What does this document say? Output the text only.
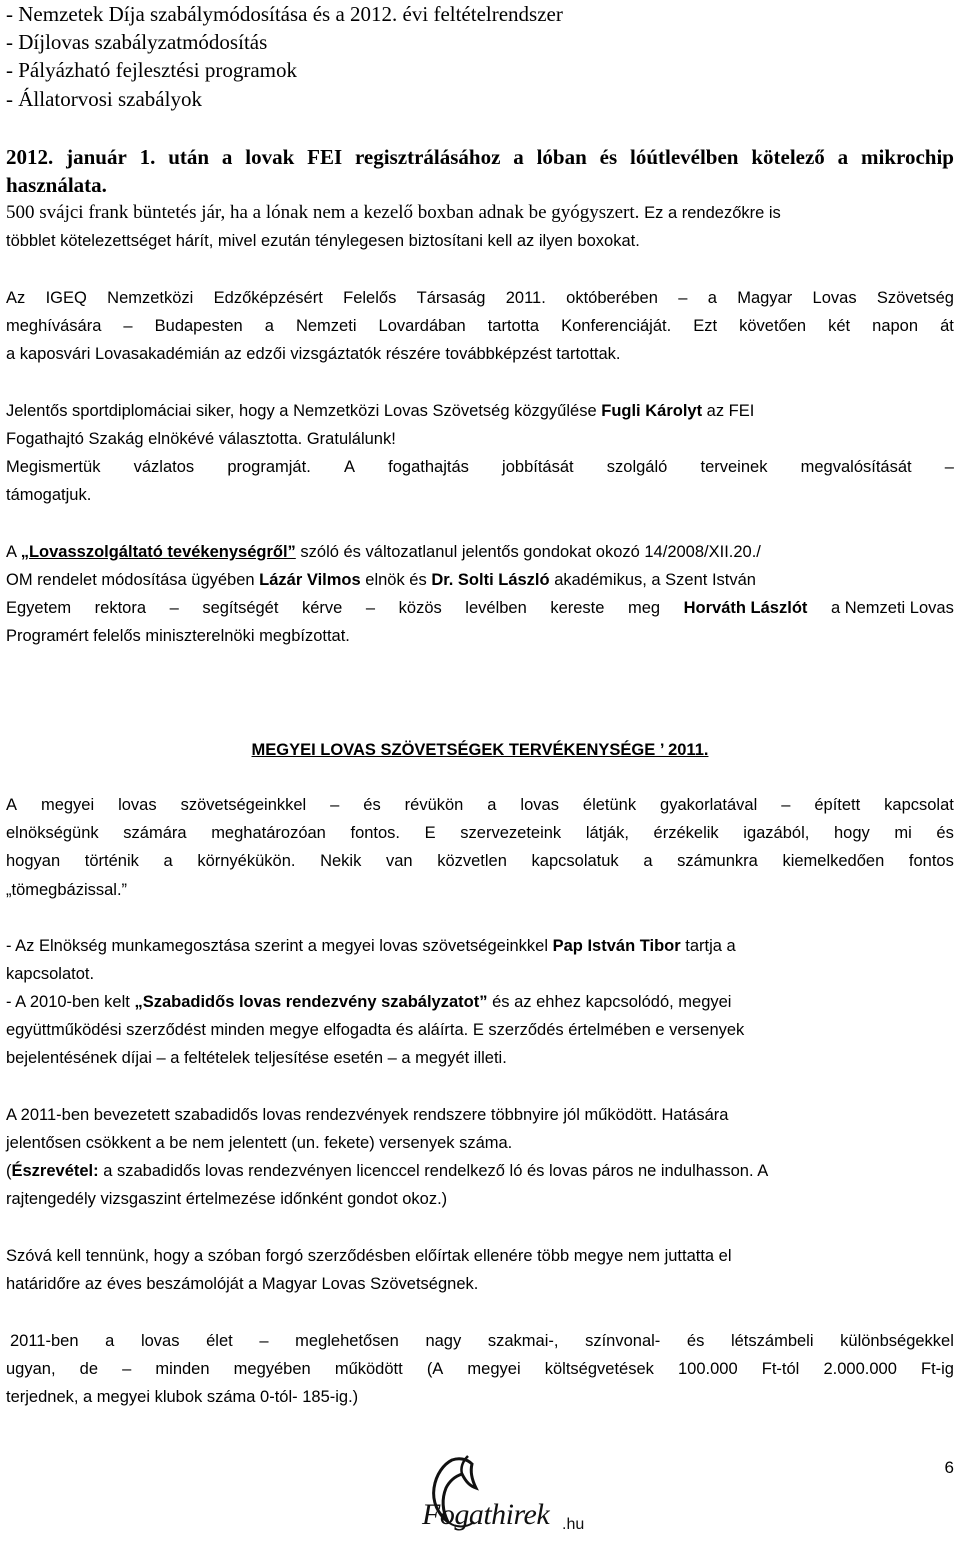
- Nemzetek Díja szabálymódosítása és a 2012. évi feltételrendszer
- Díjlovas szabályzatmódosítás
- Pályázható fejlesztési programok
- Állatorvosi szabályok
2012. január 1. után a lovak FEI regisztrálásához a lóban és lóútlevélben kötelező a mikrochip
használata.
500 svájci frank büntetés jár, ha a lónak nem a kezelő boxban adnak be gyógyszert. Ez a rendezőkre is
többlet kötelezettséget hárít, mivel ezután ténylegesen biztosítani kell az ilyen boxokat.
Az IGEQ Nemzetközi Edzőképzésért Felelős Társaság 2011. októberében – a Magyar Lovas Szövetség
meghívására – Budapesten a Nemzeti Lovardában tartotta Konferenciáját. Ezt követően két napon át
a kaposvári Lovasakadémián az edzői vizsgáztatók részére továbbképzést tartottak.
Jelentős sportdiplomáciai siker, hogy a Nemzetközi Lovas Szövetség közgyűlése Fugli Károlyt az FEI
Fogathajtó Szakág elnökévé választotta. Gratulálunk!
Megismertük vázlatos programját. A fogathajtás jobbítását szolgáló terveinek megvalósítását –
támogatjuk.
A „Lovasszolgáltató tevékenységről” szóló és változatlanul jelentős gondokat okozó 14/2008/XII.20./
OM rendelet módosítása ügyében Lázár Vilmos elnök és Dr. Solti László akadémikus, a Szent István
Egyetem rektora – segítségét kérve – közös levélben kereste meg Horváth Lászlót a Nemzeti Lovas
Programért felelős miniszterelnöki megbízottat.
MEGYEI LOVAS SZÖVETSÉGEK TERVÉKENYSÉGE ’ 2011.
A megyei lovas szövetségeinkkel – és révükön a lovas életünk gyakorlatával – épített kapcsolat
elnökségünk számára meghatározóan fontos. E szervezeteink látják, érzékelik igazából, hogy mi és
hogyan történik a környékükön. Nekik van közvetlen kapcsolatuk a számunkra kiemelkedően fontos
„tömegbázissal.”
- Az Elnökség munkamegosztása szerint a megyei lovas szövetségeinkkel Pap István Tibor tartja a
kapcsolatot.
- A 2010-ben kelt „Szabadidős lovas rendezvény szabályzatot” és az ehhez kapcsolódó, megyei
együttműködési szerződést minden megye elfogadta és aláírta. E szerződés értelmében e versenyek
bejelentésének díjai – a feltételek teljesítése esetén – a megyét illeti.
A 2011-ben bevezetett szabadidős lovas rendezvények rendszere többnyire jól működött. Hatására
jelentősen csökkent a be nem jelentett (un. fekete) versenyek száma.
(Észrevétel: a szabadidős lovas rendezvényen licenccel rendelkező ló és lovas páros ne indulhasson. A
rajtengedély vizsgaszint értelmezése időnként gondot okoz.)
Szóvá kell tennünk, hogy a szóban forgó szerződésben előírtak ellenére több megye nem juttatta el
határidőre az éves beszámolóját a Magyar Lovas Szövetségnek.
2011-ben a lovas élet – meglehetősen nagy szakmai-, színvonal- és létszámbeli különbségekkel
ugyan, de – minden megyében működött (A megyei költségvetések 100.000 Ft-tól 2.000.000 Ft-ig
terjednek, a megyei klubok száma 0-tól- 185-ig.)
6
Fogathirek .hu
